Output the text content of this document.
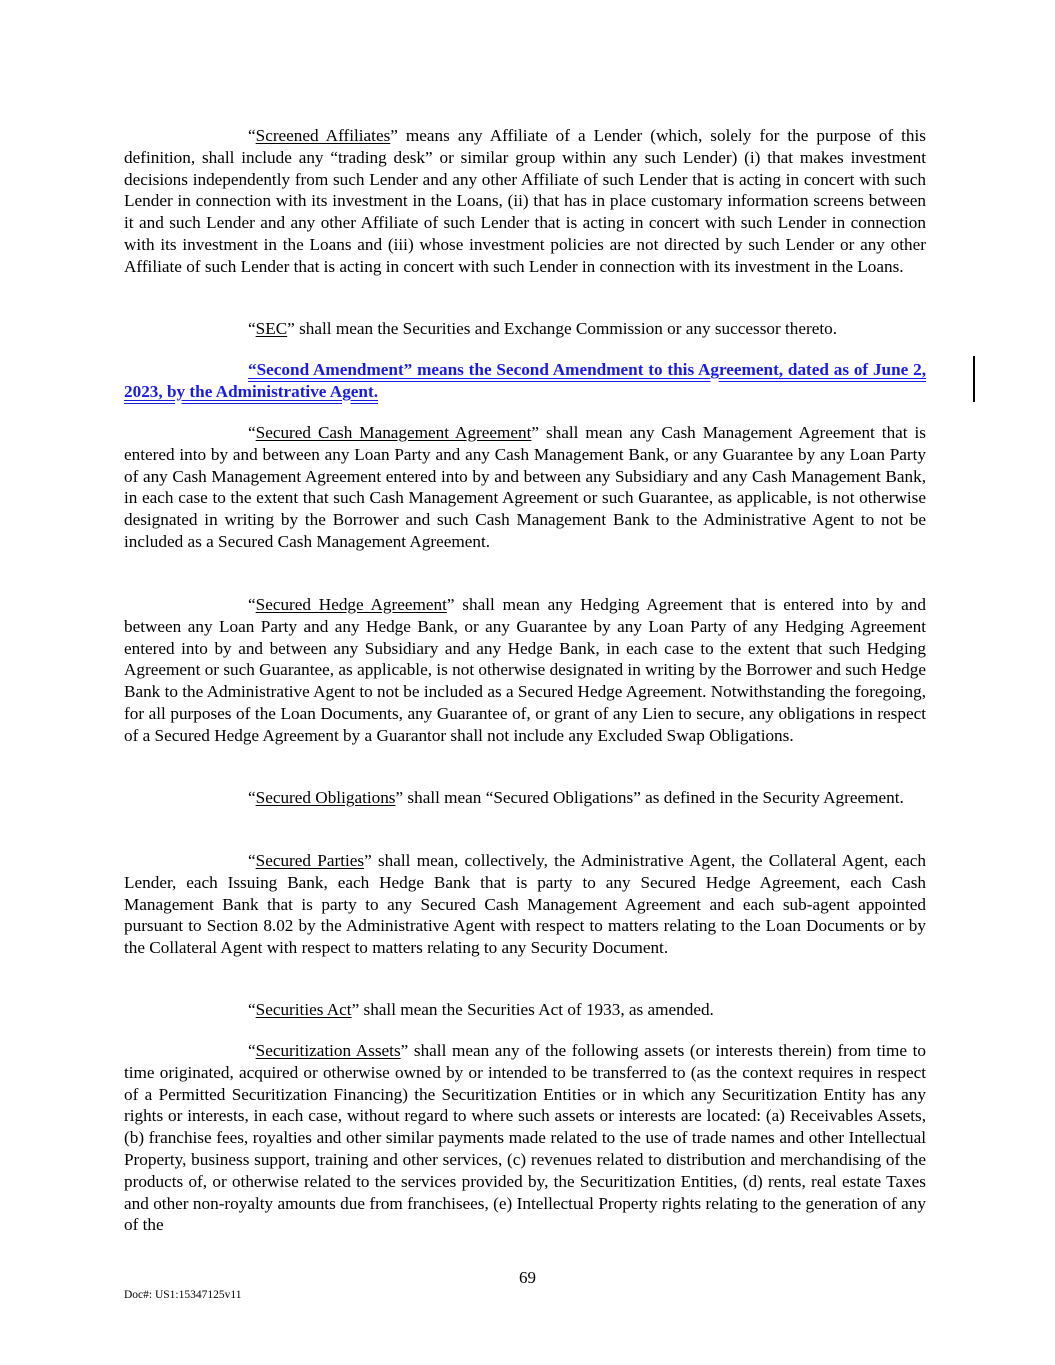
“Screened Affiliates” means any Affiliate of a Lender (which, solely for the purpose of this definition, shall include any “trading desk” or similar group within any such Lender) (i) that makes investment decisions independently from such Lender and any other Affiliate of such Lender that is acting in concert with such Lender in connection with its investment in the Loans, (ii) that has in place customary information screens between it and such Lender and any other Affiliate of such Lender that is acting in concert with such Lender in connection with its investment in the Loans and (iii) whose investment policies are not directed by such Lender or any other Affiliate of such Lender that is acting in concert with such Lender in connection with its investment in the Loans.

“SEC” shall mean the Securities and Exchange Commission or any successor thereto.

“Second Amendment” means the Second Amendment to this Agreement, dated as of June 2, 2023, by the Administrative Agent.

“Secured Cash Management Agreement” shall mean any Cash Management Agreement that is entered into by and between any Loan Party and any Cash Management Bank, or any Guarantee by any Loan Party of any Cash Management Agreement entered into by and between any Subsidiary and any Cash Management Bank, in each case to the extent that such Cash Management Agreement or such Guarantee, as applicable, is not otherwise designated in writing by the Borrower and such Cash Management Bank to the Administrative Agent to not be included as a Secured Cash Management Agreement.

“Secured Hedge Agreement” shall mean any Hedging Agreement that is entered into by and between any Loan Party and any Hedge Bank, or any Guarantee by any Loan Party of any Hedging Agreement entered into by and between any Subsidiary and any Hedge Bank, in each case to the extent that such Hedging Agreement or such Guarantee, as applicable, is not otherwise designated in writing by the Borrower and such Hedge Bank to the Administrative Agent to not be included as a Secured Hedge Agreement. Notwithstanding the foregoing, for all purposes of the Loan Documents, any Guarantee of, or grant of any Lien to secure, any obligations in respect of a Secured Hedge Agreement by a Guarantor shall not include any Excluded Swap Obligations.

“Secured Obligations” shall mean “Secured Obligations” as defined in the Security Agreement.

“Secured Parties” shall mean, collectively, the Administrative Agent, the Collateral Agent, each Lender, each Issuing Bank, each Hedge Bank that is party to any Secured Hedge Agreement, each Cash Management Bank that is party to any Secured Cash Management Agreement and each sub-agent appointed pursuant to Section 8.02 by the Administrative Agent with respect to matters relating to the Loan Documents or by the Collateral Agent with respect to matters relating to any Security Document.

“Securities Act” shall mean the Securities Act of 1933, as amended.

“Securitization Assets” shall mean any of the following assets (or interests therein) from time to time originated, acquired or otherwise owned by or intended to be transferred to (as the context requires in respect of a Permitted Securitization Financing) the Securitization Entities or in which any Securitization Entity has any rights or interests, in each case, without regard to where such assets or interests are located: (a) Receivables Assets, (b) franchise fees, royalties and other similar payments made related to the use of trade names and other Intellectual Property, business support, training and other services, (c) revenues related to distribution and merchandising of the products of, or otherwise related to the services provided by, the Securitization Entities, (d) rents, real estate Taxes and other non-royalty amounts due from franchisees, (e) Intellectual Property rights relating to the generation of any of the

69
Doc#: US1:15347125v11
